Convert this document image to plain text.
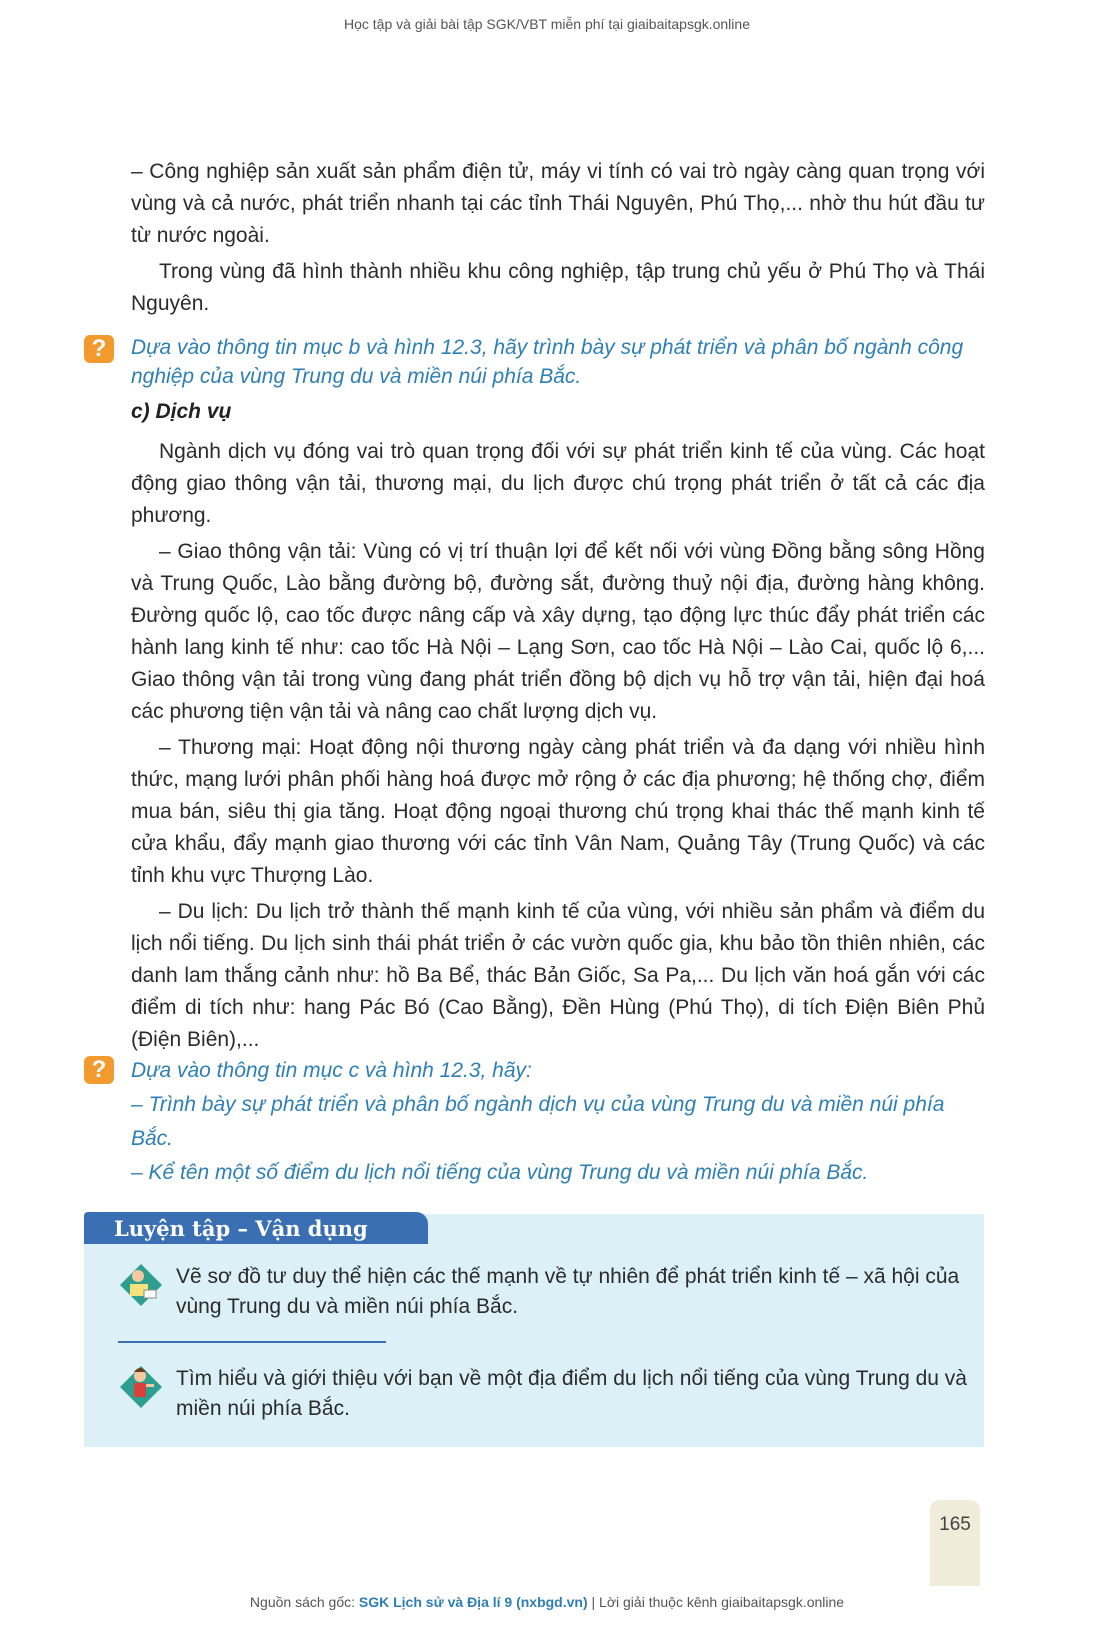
Học tập và giải bài tập SGK/VBT miễn phí tại giaibaitapsgk.online

– Công nghiệp sản xuất sản phẩm điện tử, máy vi tính có vai trò ngày càng quan trọng với vùng và cả nước, phát triển nhanh tại các tỉnh Thái Nguyên, Phú Thọ,... nhờ thu hút đầu tư từ nước ngoài.

Trong vùng đã hình thành nhiều khu công nghiệp, tập trung chủ yếu ở Phú Thọ và Thái Nguyên.

?	Dựa vào thông tin mục b và hình 12.3, hãy trình bày sự phát triển và phân bố ngành công nghiệp của vùng Trung du và miền núi phía Bắc.
c) Dịch vụ

Ngành dịch vụ đóng vai trò quan trọng đối với sự phát triển kinh tế của vùng. Các hoạt động giao thông vận tải, thương mại, du lịch được chú trọng phát triển ở tất cả các địa phương.

– Giao thông vận tải: Vùng có vị trí thuận lợi để kết nối với vùng Đồng bằng sông Hồng và Trung Quốc, Lào bằng đường bộ, đường sắt, đường thuỷ nội địa, đường hàng không. Đường quốc lộ, cao tốc được nâng cấp và xây dựng, tạo động lực thúc đẩy phát triển các hành lang kinh tế như: cao tốc Hà Nội – Lạng Sơn, cao tốc Hà Nội – Lào Cai, quốc lộ 6,... Giao thông vận tải trong vùng đang phát triển đồng bộ dịch vụ hỗ trợ vận tải, hiện đại hoá các phương tiện vận tải và nâng cao chất lượng dịch vụ.

– Thương mại: Hoạt động nội thương ngày càng phát triển và đa dạng với nhiều hình thức, mạng lưới phân phối hàng hoá được mở rộng ở các địa phương; hệ thống chợ, điểm mua bán, siêu thị gia tăng. Hoạt động ngoại thương chú trọng khai thác thế mạnh kinh tế cửa khẩu, đẩy mạnh giao thương với các tỉnh Vân Nam, Quảng Tây (Trung Quốc) và các tỉnh khu vực Thượng Lào.

– Du lịch: Du lịch trở thành thế mạnh kinh tế của vùng, với nhiều sản phẩm và điểm du lịch nổi tiếng. Du lịch sinh thái phát triển ở các vườn quốc gia, khu bảo tồn thiên nhiên, các danh lam thắng cảnh như: hồ Ba Bể, thác Bản Giốc, Sa Pa,... Du lịch văn hoá gắn với các điểm di tích như: hang Pác Bó (Cao Bằng), Đền Hùng (Phú Thọ), di tích Điện Biên Phủ (Điện Biên),...

?	Dựa vào thông tin mục c và hình 12.3, hãy:
– Trình bày sự phát triển và phân bố ngành dịch vụ của vùng Trung du và miền núi phía Bắc.
– Kể tên một số điểm du lịch nổi tiếng của vùng Trung du và miền núi phía Bắc.
Luyện tập – Vận dụng
Vẽ sơ đồ tư duy thể hiện các thế mạnh về tự nhiên để phát triển kinh tế – xã hội của vùng Trung du và miền núi phía Bắc.
Tìm hiểu và giới thiệu với bạn về một địa điểm du lịch nổi tiếng của vùng Trung du và miền núi phía Bắc.
165
Nguồn sách gốc: SGK Lịch sử và Địa lí 9 (nxbgd.vn) | Lời giải thuộc kênh giaibaitapsgk.online
